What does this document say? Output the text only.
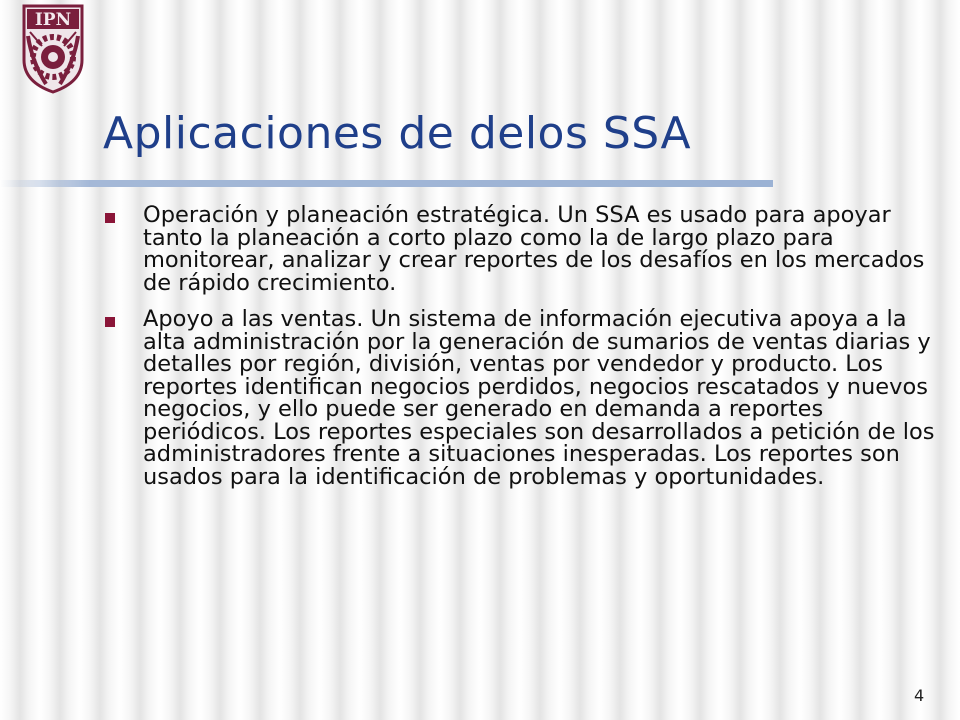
IPN
Aplicaciones de delos SSA
Operación y planeación estratégica. Un SSA es usado para apoyar tanto la planeación a corto plazo como la de largo plazo para monitorear, analizar y crear reportes de los desafíos en los mercados de rápido crecimiento.
Apoyo a las ventas. Un sistema de información ejecutiva apoya a la alta administración por la generación de sumarios de ventas diarias y detalles por región, división, ventas por vendedor y producto. Los reportes identifican negocios perdidos, negocios rescatados y nuevos negocios, y ello puede ser generado en demanda a reportes periódicos. Los reportes especiales son desarrollados a petición de los administradores frente a situaciones inesperadas. Los reportes son usados para la identificación de problemas y oportunidades.
4
